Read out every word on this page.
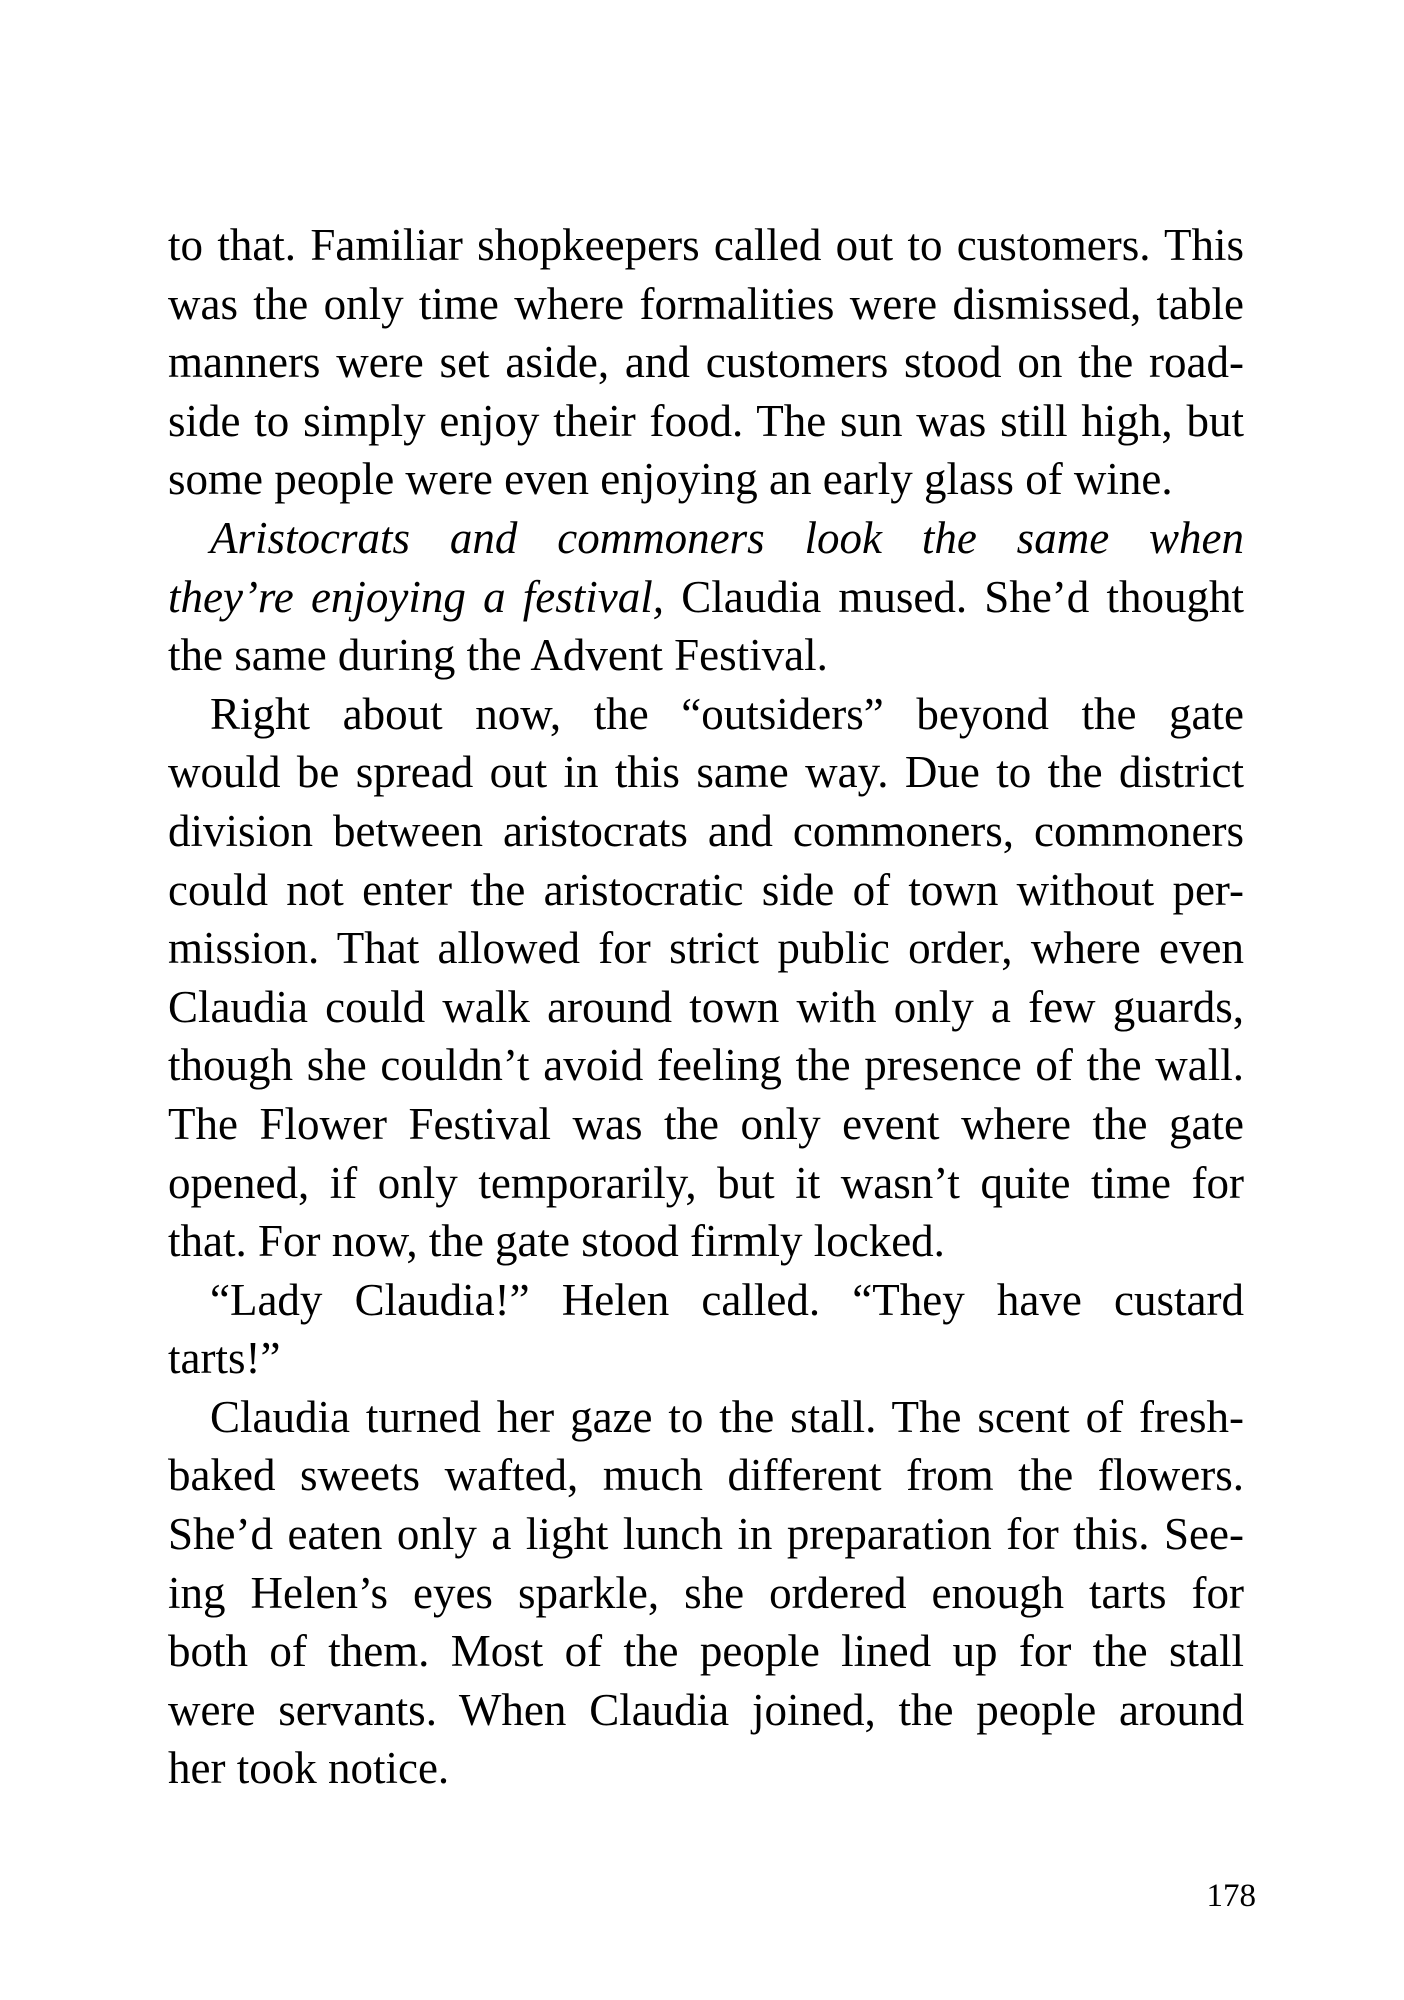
to that. Familiar shopkeepers called out to customers. This
was the only time where formalities were dismissed, table
manners were set aside, and customers stood on the road-
side to simply enjoy their food. The sun was still high, but
some people were even enjoying an early glass of wine.
Aristocrats and commoners look the same when
they’re enjoying a festival, Claudia mused. She’d thought
the same during the Advent Festival.
Right about now, the “outsiders” beyond the gate
would be spread out in this same way. Due to the district
division between aristocrats and commoners, commoners
could not enter the aristocratic side of town without per-
mission. That allowed for strict public order, where even
Claudia could walk around town with only a few guards,
though she couldn’t avoid feeling the presence of the wall.
The Flower Festival was the only event where the gate
opened, if only temporarily, but it wasn’t quite time for
that. For now, the gate stood firmly locked.
“Lady Claudia!” Helen called. “They have custard
tarts!”
Claudia turned her gaze to the stall. The scent of fresh-
baked sweets wafted, much different from the flowers.
She’d eaten only a light lunch in preparation for this. See-
ing Helen’s eyes sparkle, she ordered enough tarts for
both of them. Most of the people lined up for the stall
were servants. When Claudia joined, the people around
her took notice.
178
